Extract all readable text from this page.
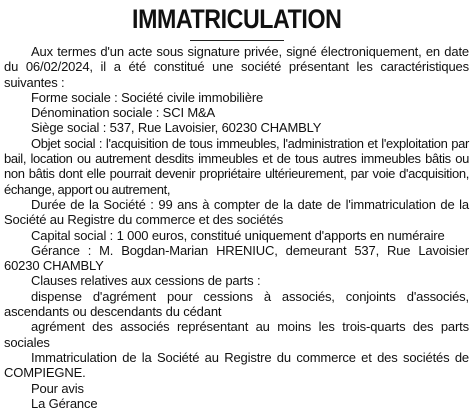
IMMATRICULATION

Aux termes d'un acte sous signature privée, signé électroniquement, en date du 06/02/2024, il a été constitué une société présentant les caractéristiques suivantes :

Forme sociale : Société civile immobilière

Dénomination sociale : SCI M&A

Siège social : 537, Rue Lavoisier, 60230 CHAMBLY

Objet social : l'acquisition de tous immeubles, l'administration et l'exploitation par bail, location ou autrement desdits immeubles et de tous autres immeubles bâtis ou non bâtis dont elle pourrait devenir propriétaire ultérieurement, par voie d'acquisition, échange, apport ou autrement,

Durée de la Société : 99 ans à compter de la date de l'immatriculation de la Société au Registre du commerce et des sociétés

Capital social : 1 000 euros, constitué uniquement d'apports en numéraire

Gérance : M. Bogdan-Marian HRENIUC, demeurant 537, Rue Lavoisier 60230 CHAMBLY

Clauses relatives aux cessions de parts :

dispense d'agrément pour cessions à associés, conjoints d'associés, ascendants ou descendants du cédant

agrément des associés représentant au moins les trois-quarts des parts sociales

Immatriculation de la Société au Registre du commerce et des sociétés de COMPIEGNE.

Pour avis

La Gérance
